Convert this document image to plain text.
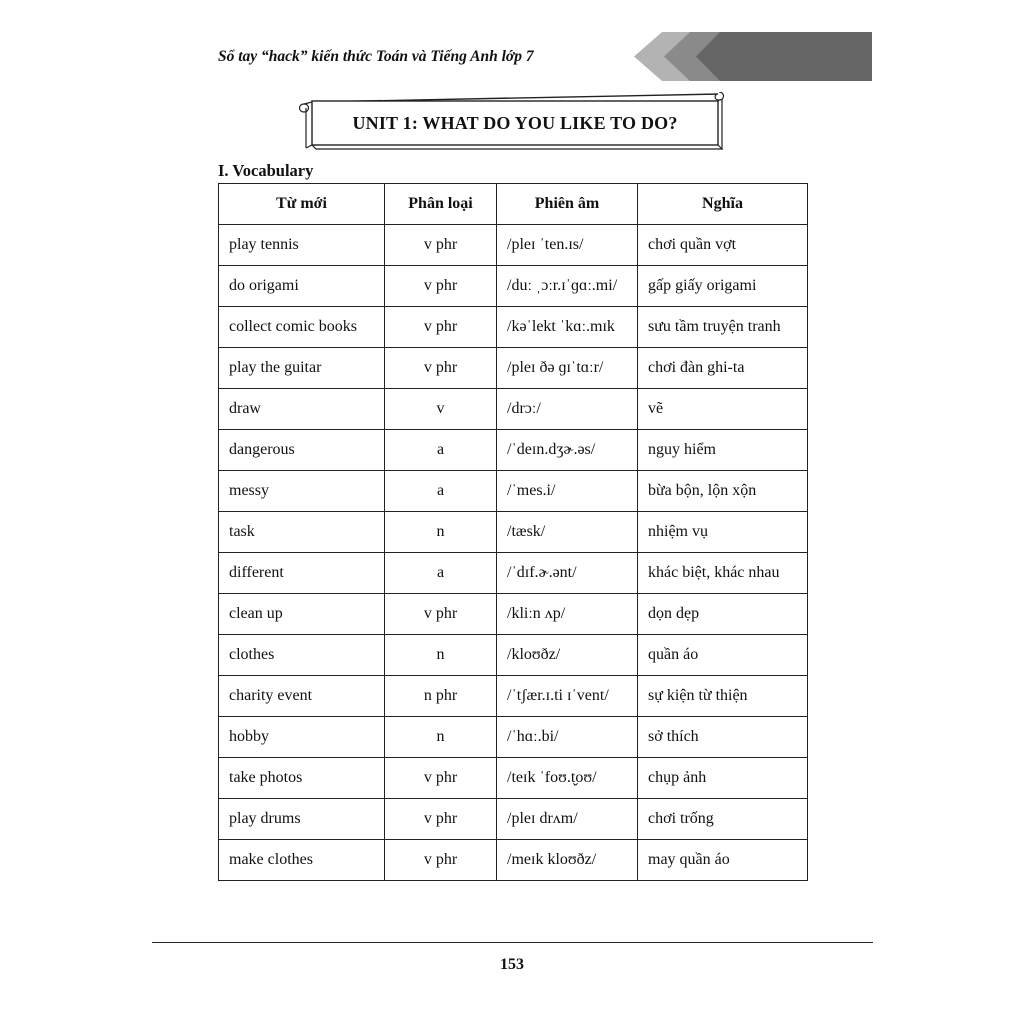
Sổ tay “hack” kiến thức Toán và Tiếng Anh lớp 7
UNIT 1: WHAT DO YOU LIKE TO DO?
I. Vocabulary
Từ mới	Phân loại	Phiên âm	Nghĩa
play tennis	v phr	/pleɪ ˈten.ɪs/	chơi quần vợt
do origami	v phr	/duː ˌɔːr.ɪˈɡɑː.mi/	gấp giấy origami
collect comic books	v phr	/kəˈlekt ˈkɑː.mɪk	sưu tầm truyện tranh
play the guitar	v phr	/pleɪ ðə ɡɪˈtɑːr/	chơi đàn ghi-ta
draw	v	/drɔː/	vẽ
dangerous	a	/ˈdeɪn.dʒɚ.əs/	nguy hiểm
messy	a	/ˈmes.i/	bừa bộn, lộn xộn
task	n	/tæsk/	nhiệm vụ
different	a	/ˈdɪf.ɚ.ənt/	khác biệt, khác nhau
clean up	v phr	/kliːn ʌp/	dọn dẹp
clothes	n	/kloʊðz/	quần áo
charity event	n phr	/ˈtʃær.ɪ.ti ɪˈvent/	sự kiện từ thiện
hobby	n	/ˈhɑː.bi/	sở thích
take photos	v phr	/teɪk ˈfoʊ.t̬oʊ/	chụp ảnh
play drums	v phr	/pleɪ drʌm/	chơi trống
make clothes	v phr	/meɪk kloʊðz/	may quần áo
153
